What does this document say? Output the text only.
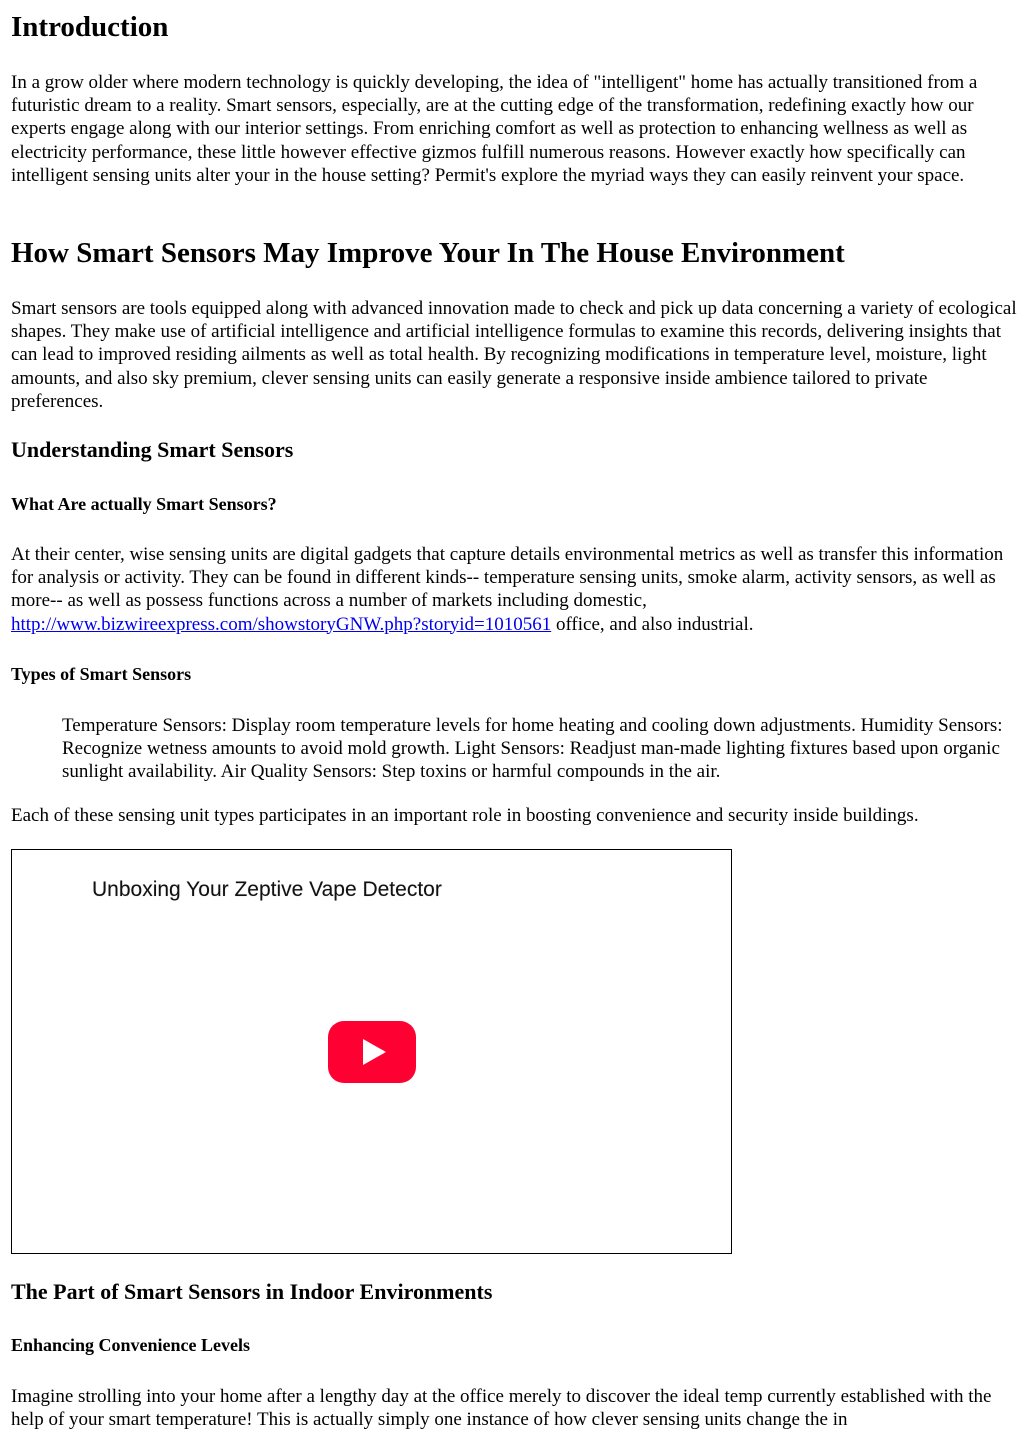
Introduction

In a grow older where modern technology is quickly developing, the idea of "intelligent" home has actually transitioned from a futuristic dream to a reality. Smart sensors, especially, are at the cutting edge of the transformation, redefining exactly how our experts engage along with our interior settings. From enriching comfort as well as protection to enhancing wellness as well as electricity performance, these little however effective gizmos fulfill numerous reasons. However exactly how specifically can intelligent sensing units alter your in the house setting? Permit's explore the myriad ways they can easily reinvent your space.

How Smart Sensors May Improve Your In The House Environment

Smart sensors are tools equipped along with advanced innovation made to check and pick up data concerning a variety of ecological shapes. They make use of artificial intelligence and artificial intelligence formulas to examine this records, delivering insights that can lead to improved residing ailments as well as total health. By recognizing modifications in temperature level, moisture, light amounts, and also sky premium, clever sensing units can easily generate a responsive inside ambience tailored to private preferences.

Understanding Smart Sensors
What Are actually Smart Sensors?

At their center, wise sensing units are digital gadgets that capture details environmental metrics as well as transfer this information for analysis or activity. They can be found in different kinds-- temperature sensing units, smoke alarm, activity sensors, as well as more-- as well as possess functions across a number of markets including domestic, http://www.bizwireexpress.com/showstoryGNW.php?storyid=1010561 office, and also industrial.

Types of Smart Sensors

Temperature Sensors: Display room temperature levels for home heating and cooling down adjustments. Humidity Sensors: Recognize wetness amounts to avoid mold growth. Light Sensors: Readjust man-made lighting fixtures based upon organic sunlight availability. Air Quality Sensors: Step toxins or harmful compounds in the air.

Each of these sensing unit types participates in an important role in boosting convenience and security inside buildings.

Unboxing Your Zeptive Vape Detector
The Part of Smart Sensors in Indoor Environments
Enhancing Convenience Levels

Imagine strolling into your home after a lengthy day at the office merely to discover the ideal temp currently established with the help of your smart temperature! This is actually simply one instance of how clever sensing units change the in
